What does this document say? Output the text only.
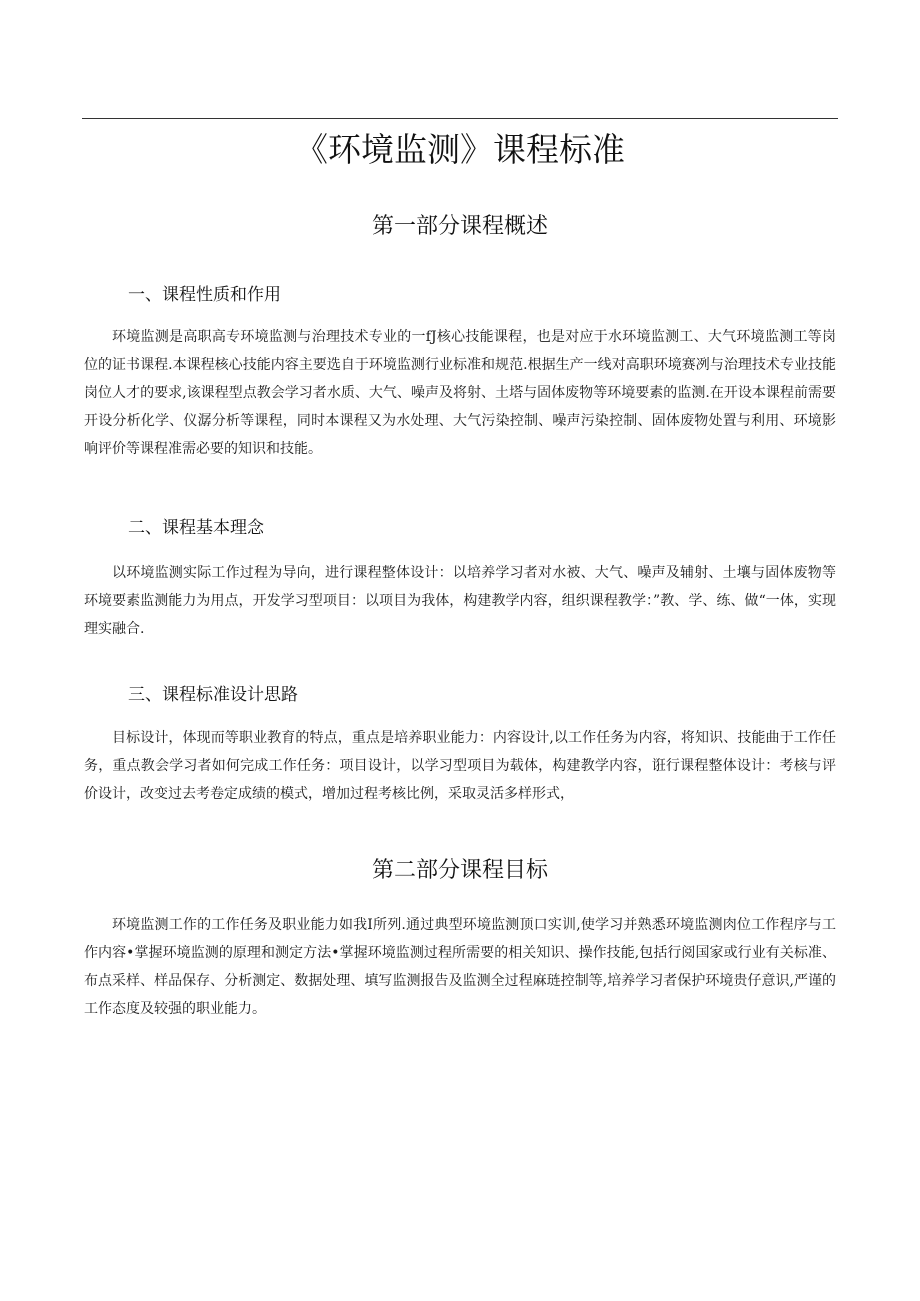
《环境监测》课程标准
第一部分课程概述
一、课程性质和作用

环境监测是高职高专环境监测与治理技术专业的一fJ核心技能课程，也是对应于水环境监测工、大气环境监测工等岗位的证书课程.本课程核心技能内容主要选自于环境监测行业标准和规范.根据生产一线对高职环境赛冽与治理技术专业技能岗位人才的要求,该课程型点教会学习者水质、大气、噪声及将射、土塔与固体废物等环境要素的监测.在开设本课程前需要开设分析化学、仪潺分析等课程，同时本课程又为水处理、大气污染控制、噪声污染控制、固体废物处置与利用、环境影响评价等课程准需必要的知识和技能。

二、课程基本理念

以环境监测实际工作过程为导向，进行课程整体设计：以培养学习者对水被、大气、噪声及辅射、土壤与固体废物等环境要素监测能力为用点，开发学习型项目：以项目为我体，构建教学内容，组织课程教学：”教、学、练、做“一体，实现理实融合.

三、课程标准设计思路

目标设计，体现而等职业教育的特点，重点是培养职业能力：内容设计,以工作任务为内容，将知识、技能曲于工作任务，重点教会学习者如何完成工作任务：项目设计，以学习型项目为载体，构建教学内容，诳行课程整体设计：考核与评价设计，改变过去考卷定成绩的模式，增加过程考核比例，采取灵活多样形式，

第二部分课程目标

环境监测工作的工作任务及职业能力如我I所列.通过典型环境监测顶口实训,使学习并熟悉环境监测肉位工作程序与工作内容•掌握环境监测的原理和测定方法•掌握环境监测过程所需要的相关知识、操作技能,包括行阅国家或行业有关标准、布点采样、样品保存、分析测定、数据处理、填写监测报告及监测全过程麻琏控制等,培养学习者保护环境贵仔意识,严谨的工作态度及较强的职业能力。
